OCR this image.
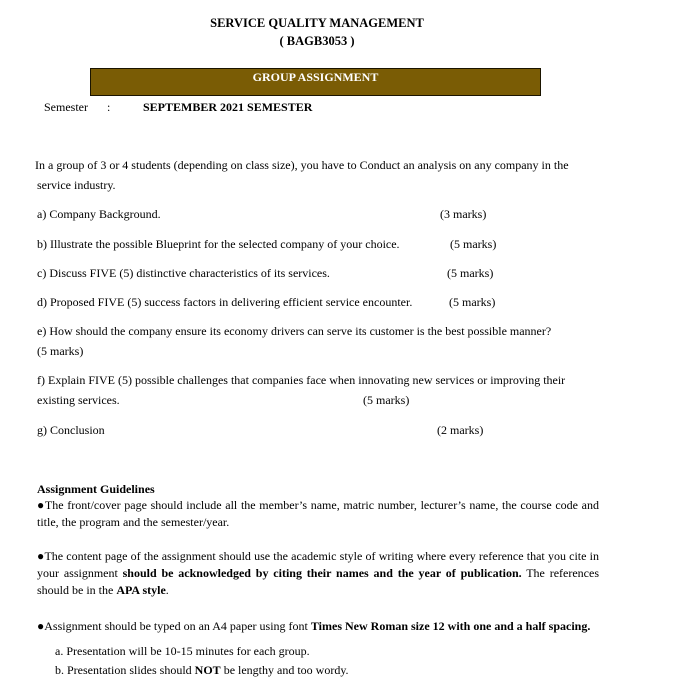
SERVICE QUALITY MANAGEMENT
( BAGB3053 )
GROUP ASSIGNMENT
Semester :	SEPTEMBER 2021 SEMESTER
In a group of 3 or 4 students (depending on class size), you have to Conduct an analysis on any company in the
service industry.
a) Company Background.	(3 marks)
b) Illustrate the possible Blueprint for the selected company of your choice.	(5 marks)
c) Discuss FIVE (5) distinctive characteristics of its services.	(5 marks)
d) Proposed FIVE (5) success factors in delivering efficient service encounter.	(5 marks)
e) How should the company ensure its economy drivers can serve its customer is the best possible manner?
(5 marks)
f) Explain FIVE (5) possible challenges that companies face when innovating new services or improving their
existing services.	(5 marks)
g) Conclusion	(2 marks)
Assignment Guidelines
●The front/cover page should include all the member’s name, matric number, lecturer’s name, the course code and title, the program and the semester/year.
●The content page of the assignment should use the academic style of writing where every reference that you cite in your assignment should be acknowledged by citing their names and the year of publication. The references should be in the APA style.
●Assignment should be typed on an A4 paper using font Times New Roman size 12 with one and a half spacing.
a. Presentation will be 10-15 minutes for each group.
b. Presentation slides should NOT be lengthy and too wordy.
